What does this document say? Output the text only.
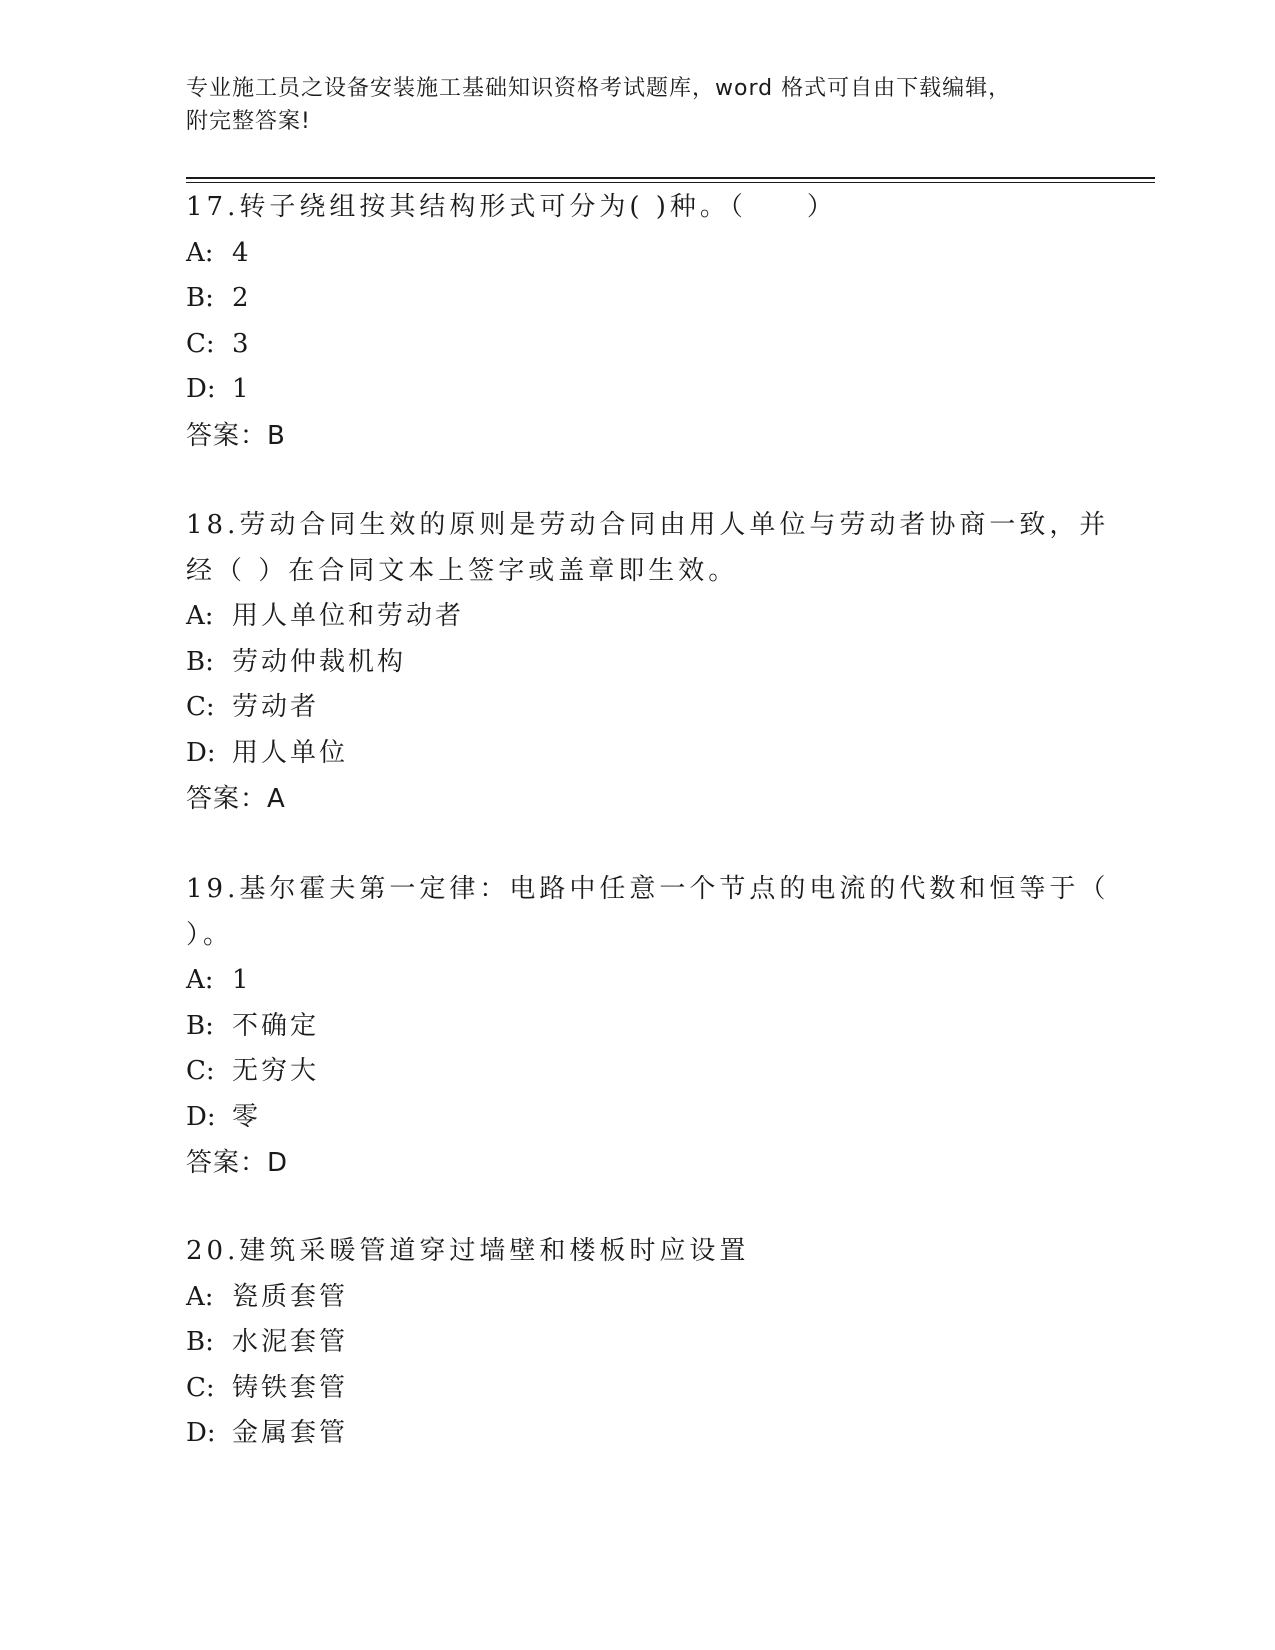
专业施工员之设备安装施工基础知识资格考试题库，word 格式可自由下载编辑，
附完整答案!
17.转子绕组按其结构形式可分为( )种。（　　）
A: 4
B: 2
C: 3
D: 1
答案：B
18.劳动合同生效的原则是劳动合同由用人单位与劳动者协商一致，并
经（ ）在合同文本上签字或盖章即生效。
A: 用人单位和劳动者
B: 劳动仲裁机构
C: 劳动者
D: 用人单位
答案：A
19.基尔霍夫第一定律：电路中任意一个节点的电流的代数和恒等于（
）。
A: 1
B: 不确定
C: 无穷大
D: 零
答案：D
20.建筑采暖管道穿过墙壁和楼板时应设置
A: 瓷质套管
B: 水泥套管
C: 铸铁套管
D: 金属套管
